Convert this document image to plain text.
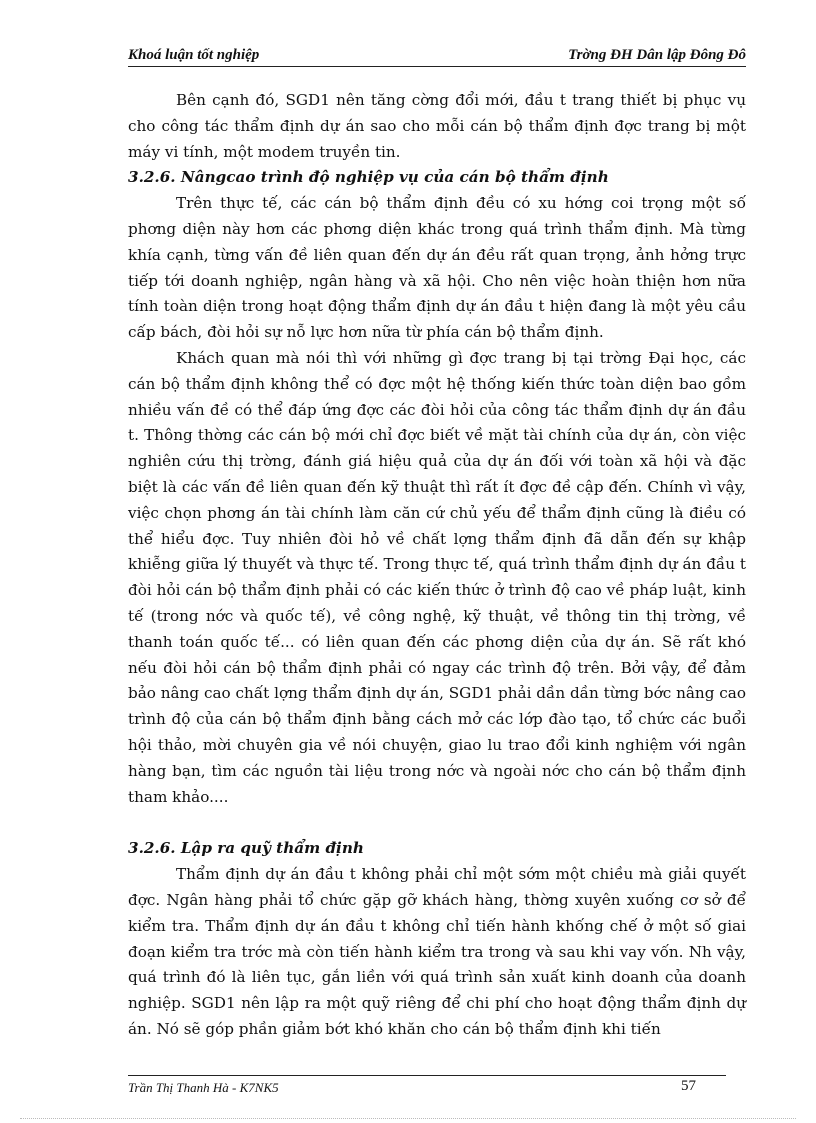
Khoá luận tốt nghiệp	Trờng ĐH Dân lập Đông Đô

Bên cạnh đó, SGD1 nên tăng cờng đổi mới, đầu t trang thiết bị phục vụ cho công tác thẩm định dự án sao cho mỗi cán bộ thẩm định đợc trang bị một máy vi tính, một modem truyền tin.

3.2.6. Nângcao trình độ nghiệp vụ của cán bộ thẩm định

Trên thực tế, các cán bộ thẩm định đều có xu hớng coi trọng một số phơng diện này hơn các phơng diện khác trong quá trình thẩm định. Mà từng khía cạnh, từng vấn đề liên quan đến dự án đều rất quan trọng, ảnh hởng trực tiếp tới doanh nghiệp, ngân hàng và xã hội. Cho nên việc hoàn thiện hơn nữa tính toàn diện trong hoạt động thẩm định dự án đầu t hiện đang là một yêu cầu cấp bách, đòi hỏi sự nỗ lực hơn nữa từ phía cán bộ thẩm định.

Khách quan mà nói thì với những gì đợc trang bị tại trờng Đại học, các cán bộ thẩm định không thể có đợc một hệ thống kiến thức toàn diện bao gồm nhiều vấn đề có thể đáp ứng đợc các đòi hỏi của công tác thẩm định dự án đầu t. Thông thờng các cán bộ mới chỉ đợc biết về mặt tài chính của dự án, còn việc nghiên cứu thị trờng, đánh giá hiệu quả của dự án đối với toàn xã hội và đặc biệt là các vấn đề liên quan đến kỹ thuật thì rất ít đợc đề cập đến. Chính vì vậy, việc chọn phơng án tài chính làm căn cứ chủ yếu để thẩm định cũng là điều có thể hiểu đợc. Tuy nhiên đòi hỏ về chất lợng thẩm định đã dẫn đến sự khập khiễng giữa lý thuyết và thực tế. Trong thực tế, quá trình thẩm định dự án đầu t đòi hỏi cán bộ thẩm định phải có các kiến thức ở trình độ cao về pháp luật, kinh tế (trong nớc và quốc tế), về công nghệ, kỹ thuật, về thông tin thị trờng, về thanh toán quốc tế... có liên quan đến các phơng diện của dự án. Sẽ rất khó nếu đòi hỏi cán bộ thẩm định phải có ngay các trình độ trên. Bởi vậy, để đảm bảo nâng cao chất lợng thẩm định dự án, SGD1 phải dần dần từng bớc nâng cao trình độ của cán bộ thẩm định bằng cách mở các lớp đào tạo, tổ chức các buổi hội thảo, mời chuyên gia về nói chuyện, giao lu trao đổi kinh nghiệm với ngân hàng bạn, tìm các nguồn tài liệu trong nớc và ngoài nớc cho cán bộ thẩm định tham khảo....

3.2.6. Lập ra quỹ thẩm định

Thẩm định dự án đầu t không phải chỉ một sớm một chiều mà giải quyết đợc. Ngân hàng phải tổ chức gặp gỡ khách hàng, thờng xuyên xuống cơ sở để kiểm tra. Thẩm định dự án đầu t không chỉ tiến hành khống chế ở một số giai đoạn kiểm tra trớc mà còn tiến hành kiểm tra trong và sau khi vay vốn. Nh vậy, quá trình đó là liên tục, gắn liền với quá trình sản xuất kinh doanh của doanh nghiệp. SGD1 nên lập ra một quỹ riêng để chi phí cho hoạt động thẩm định dự án. Nó sẽ góp phần giảm bớt khó khăn cho cán bộ thẩm định khi tiến

Trần Thị Thanh Hà - K7NK5	57
